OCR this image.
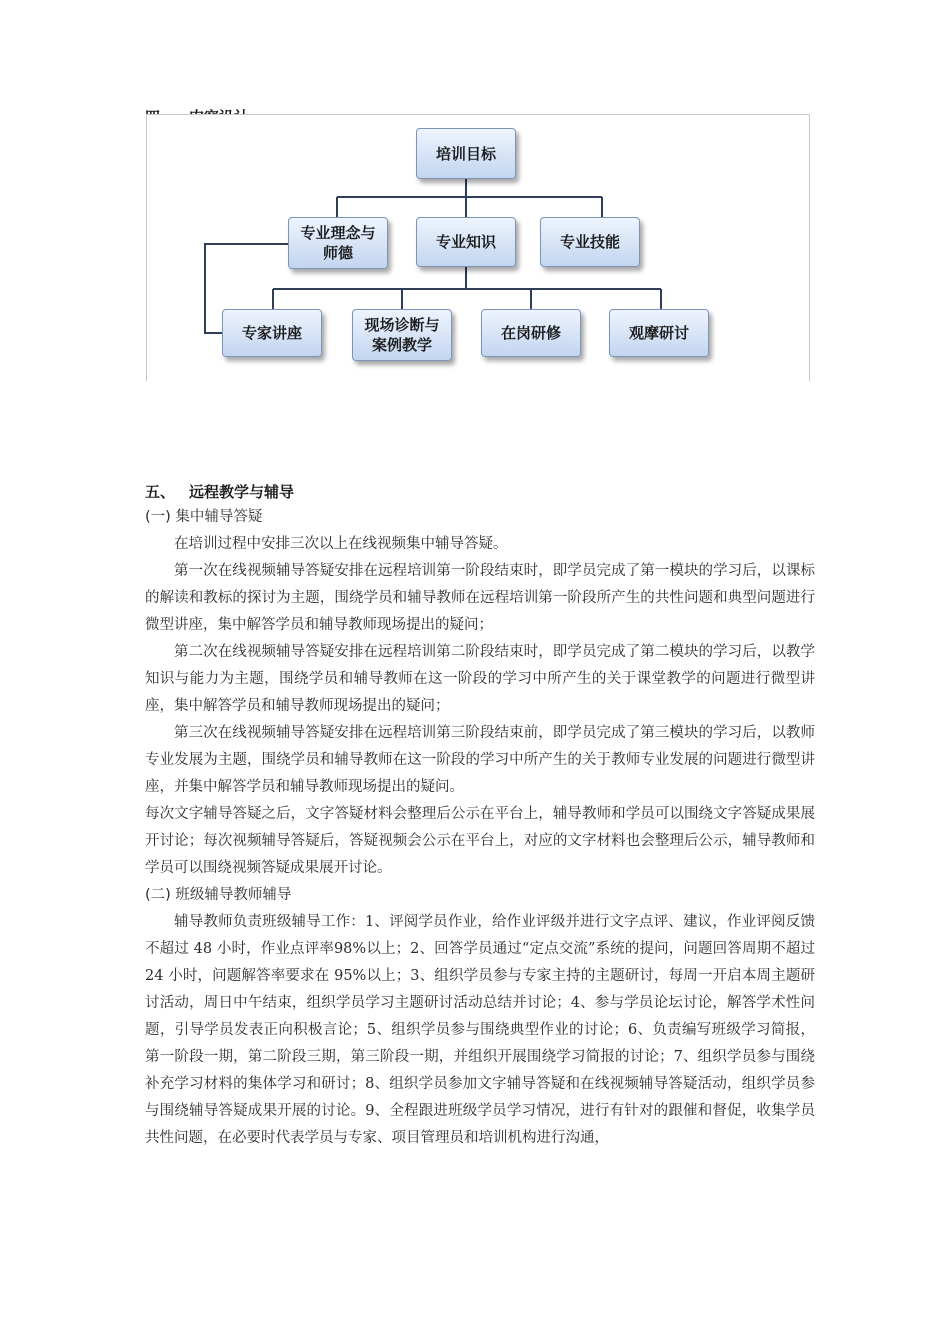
培训目标
专业理念与师德
专业知识	专业技能
专家讲座	现场诊断与案例教学
在岗研修	观摩研讨
五、 远程教学与辅导
(一) 集中辅导答疑
在培训过程中安排三次以上在线视频集中辅导答疑。
第一次在线视频辅导答疑安排在远程培训第一阶段结束时，即学员完成了第一模块的学习后，以课标的解读和教标的探讨为主题，围绕学员和辅导教师在远程培训第一阶段所产生的共性问题和典型问题进行微型讲座，集中解答学员和辅导教师现场提出的疑问；
第二次在线视频辅导答疑安排在远程培训第二阶段结束时，即学员完成了第二模块的学习后，以教学知识与能力为主题，围绕学员和辅导教师在这一阶段的学习中所产生的关于课堂教学的问题进行微型讲座，集中解答学员和辅导教师现场提出的疑问；
第三次在线视频辅导答疑安排在远程培训第三阶段结束前，即学员完成了第三模块的学习后，以教师专业发展为主题，围绕学员和辅导教师在这一阶段的学习中所产生的关于教师专业发展的问题进行微型讲座，并集中解答学员和辅导教师现场提出的疑问。
每次文字辅导答疑之后，文字答疑材料会整理后公示在平台上，辅导教师和学员可以围绕文字答疑成果展开讨论；每次视频辅导答疑后，答疑视频会公示在平台上，对应的文字材料也会整理后公示，辅导教师和学员可以围绕视频答疑成果展开讨论。
(二) 班级辅导教师辅导
辅导教师负责班级辅导工作：1、评阅学员作业，给作业评级并进行文字点评、建议，作业评阅反馈不超过 48 小时，作业点评率98%以上；2、回答学员通过“定点交流”系统的提问，问题回答周期不超过24 小时，问题解答率要求在 95%以上；3、组织学员参与专家主持的主题研讨，每周一开启本周主题研讨活动，周日中午结束，组织学员学习主题研讨活动总结并讨论；4、参与学员论坛讨论，解答学术性问题，引导学员发表正向积极言论；5、组织学员参与围绕典型作业的讨论；6、负责编写班级学习简报，第一阶段一期，第二阶段三期，第三阶段一期，并组织开展围绕学习简报的讨论；7、组织学员参与围绕补充学习材料的集体学习和研讨；8、组织学员参加文字辅导答疑和在线视频辅导答疑活动，组织学员参与围绕辅导答疑成果开展的讨论。9、全程跟进班级学员学习情况，进行有针对的跟催和督促，收集学员共性问题，在必要时代表学员与专家、项目管理员和培训机构进行沟通，
